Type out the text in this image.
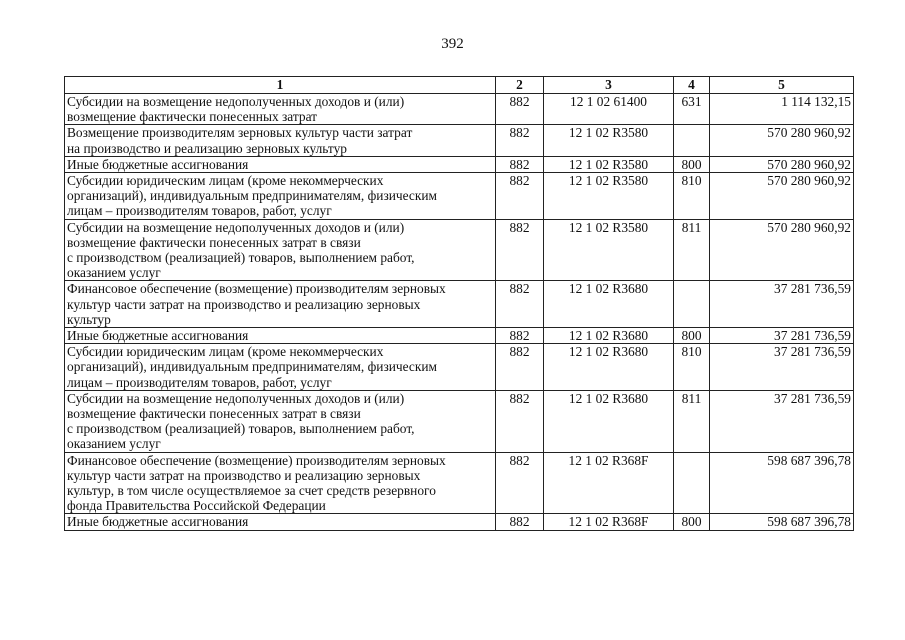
392
1	2	3	4	5
Субсидии на возмещение недополученных доходов и (или)
возмещение фактически понесенных затрат	882	12 1 02 61400	631	1 114 132,15
Возмещение производителям зерновых культур части затрат
на производство и реализацию зерновых культур	882	12 1 02 R3580		570 280 960,92
Иные бюджетные ассигнования	882	12 1 02 R3580	800	570 280 960,92
Субсидии юридическим лицам (кроме некоммерческих
организаций), индивидуальным предпринимателям, физическим
лицам – производителям товаров, работ, услуг	882	12 1 02 R3580	810	570 280 960,92
Субсидии на возмещение недополученных доходов и (или)
возмещение фактически понесенных затрат в связи
с производством (реализацией) товаров, выполнением работ,
оказанием услуг	882	12 1 02 R3580	811	570 280 960,92
Финансовое обеспечение (возмещение) производителям зерновых
культур части затрат на производство и реализацию зерновых
культур	882	12 1 02 R3680		37 281 736,59
Иные бюджетные ассигнования	882	12 1 02 R3680	800	37 281 736,59
Субсидии юридическим лицам (кроме некоммерческих
организаций), индивидуальным предпринимателям, физическим
лицам – производителям товаров, работ, услуг	882	12 1 02 R3680	810	37 281 736,59
Субсидии на возмещение недополученных доходов и (или)
возмещение фактически понесенных затрат в связи
с производством (реализацией) товаров, выполнением работ,
оказанием услуг	882	12 1 02 R3680	811	37 281 736,59
Финансовое обеспечение (возмещение) производителям зерновых
культур части затрат на производство и реализацию зерновых
культур, в том числе осуществляемое за счет средств резервного
фонда Правительства Российской Федерации	882	12 1 02 R368F		598 687 396,78
Иные бюджетные ассигнования	882	12 1 02 R368F	800	598 687 396,78
